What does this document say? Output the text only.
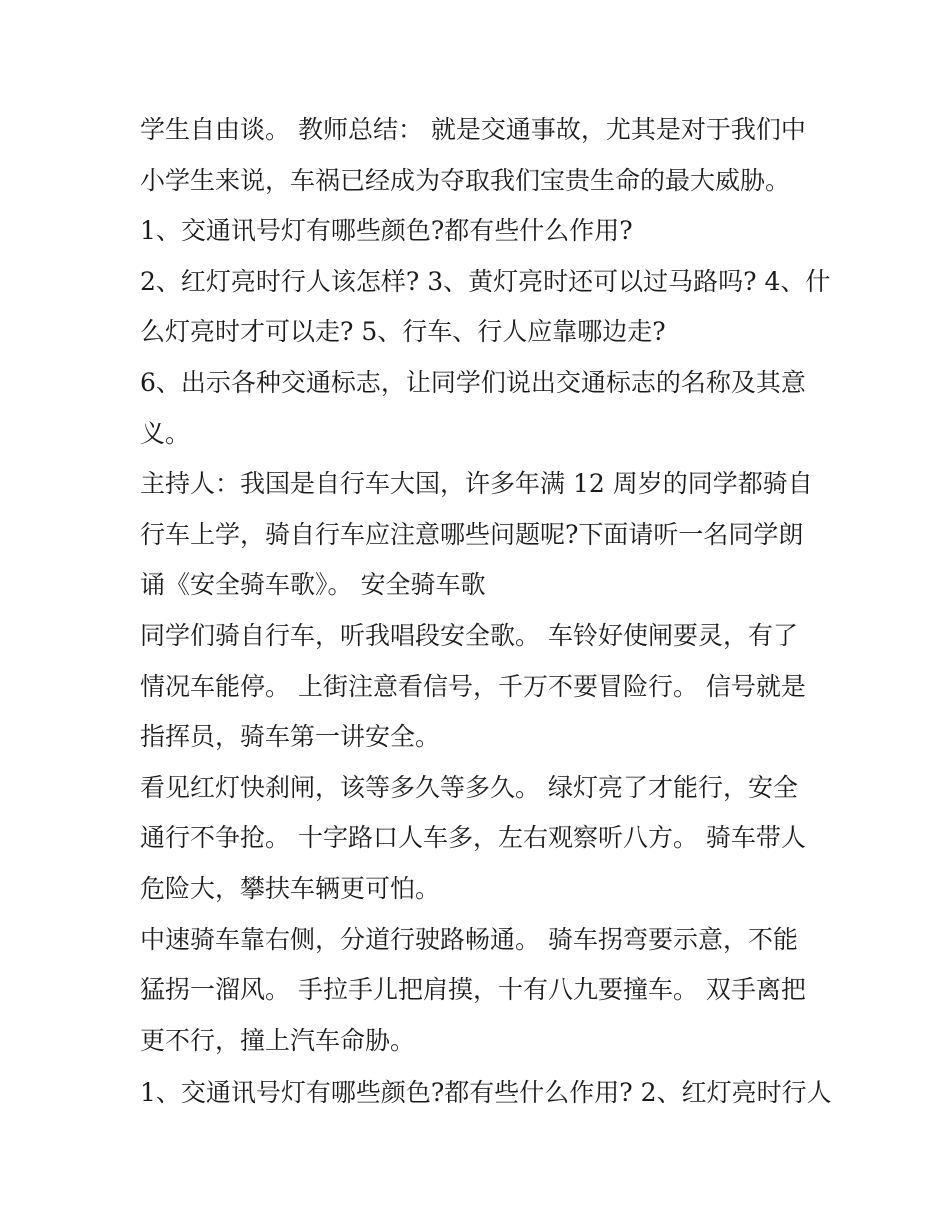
学生自由谈。 教师总结： 就是交通事故，尤其是对于我们中
小学生来说，车祸已经成为夺取我们宝贵生命的最大威胁。
1、交通讯号灯有哪些颜色?都有些什么作用?
2、红灯亮时行人该怎样? 3、黄灯亮时还可以过马路吗? 4、什
么灯亮时才可以走? 5、行车、行人应靠哪边走?
6、出示各种交通标志，让同学们说出交通标志的名称及其意
义。
主持人：我国是自行车大国，许多年满 12 周岁的同学都骑自
行车上学，骑自行车应注意哪些问题呢?下面请听一名同学朗
诵《安全骑车歌》。 安全骑车歌
同学们骑自行车，听我唱段安全歌。 车铃好使闸要灵，有了
情况车能停。 上街注意看信号，千万不要冒险行。 信号就是
指挥员，骑车第一讲安全。
看见红灯快刹闸，该等多久等多久。 绿灯亮了才能行，安全
通行不争抢。 十字路口人车多，左右观察听八方。 骑车带人
危险大，攀扶车辆更可怕。
中速骑车靠右侧，分道行驶路畅通。 骑车拐弯要示意，不能
猛拐一溜风。 手拉手儿把肩摸，十有八九要撞车。 双手离把
更不行，撞上汽车命胁。
1、交通讯号灯有哪些颜色?都有些什么作用? 2、红灯亮时行人
